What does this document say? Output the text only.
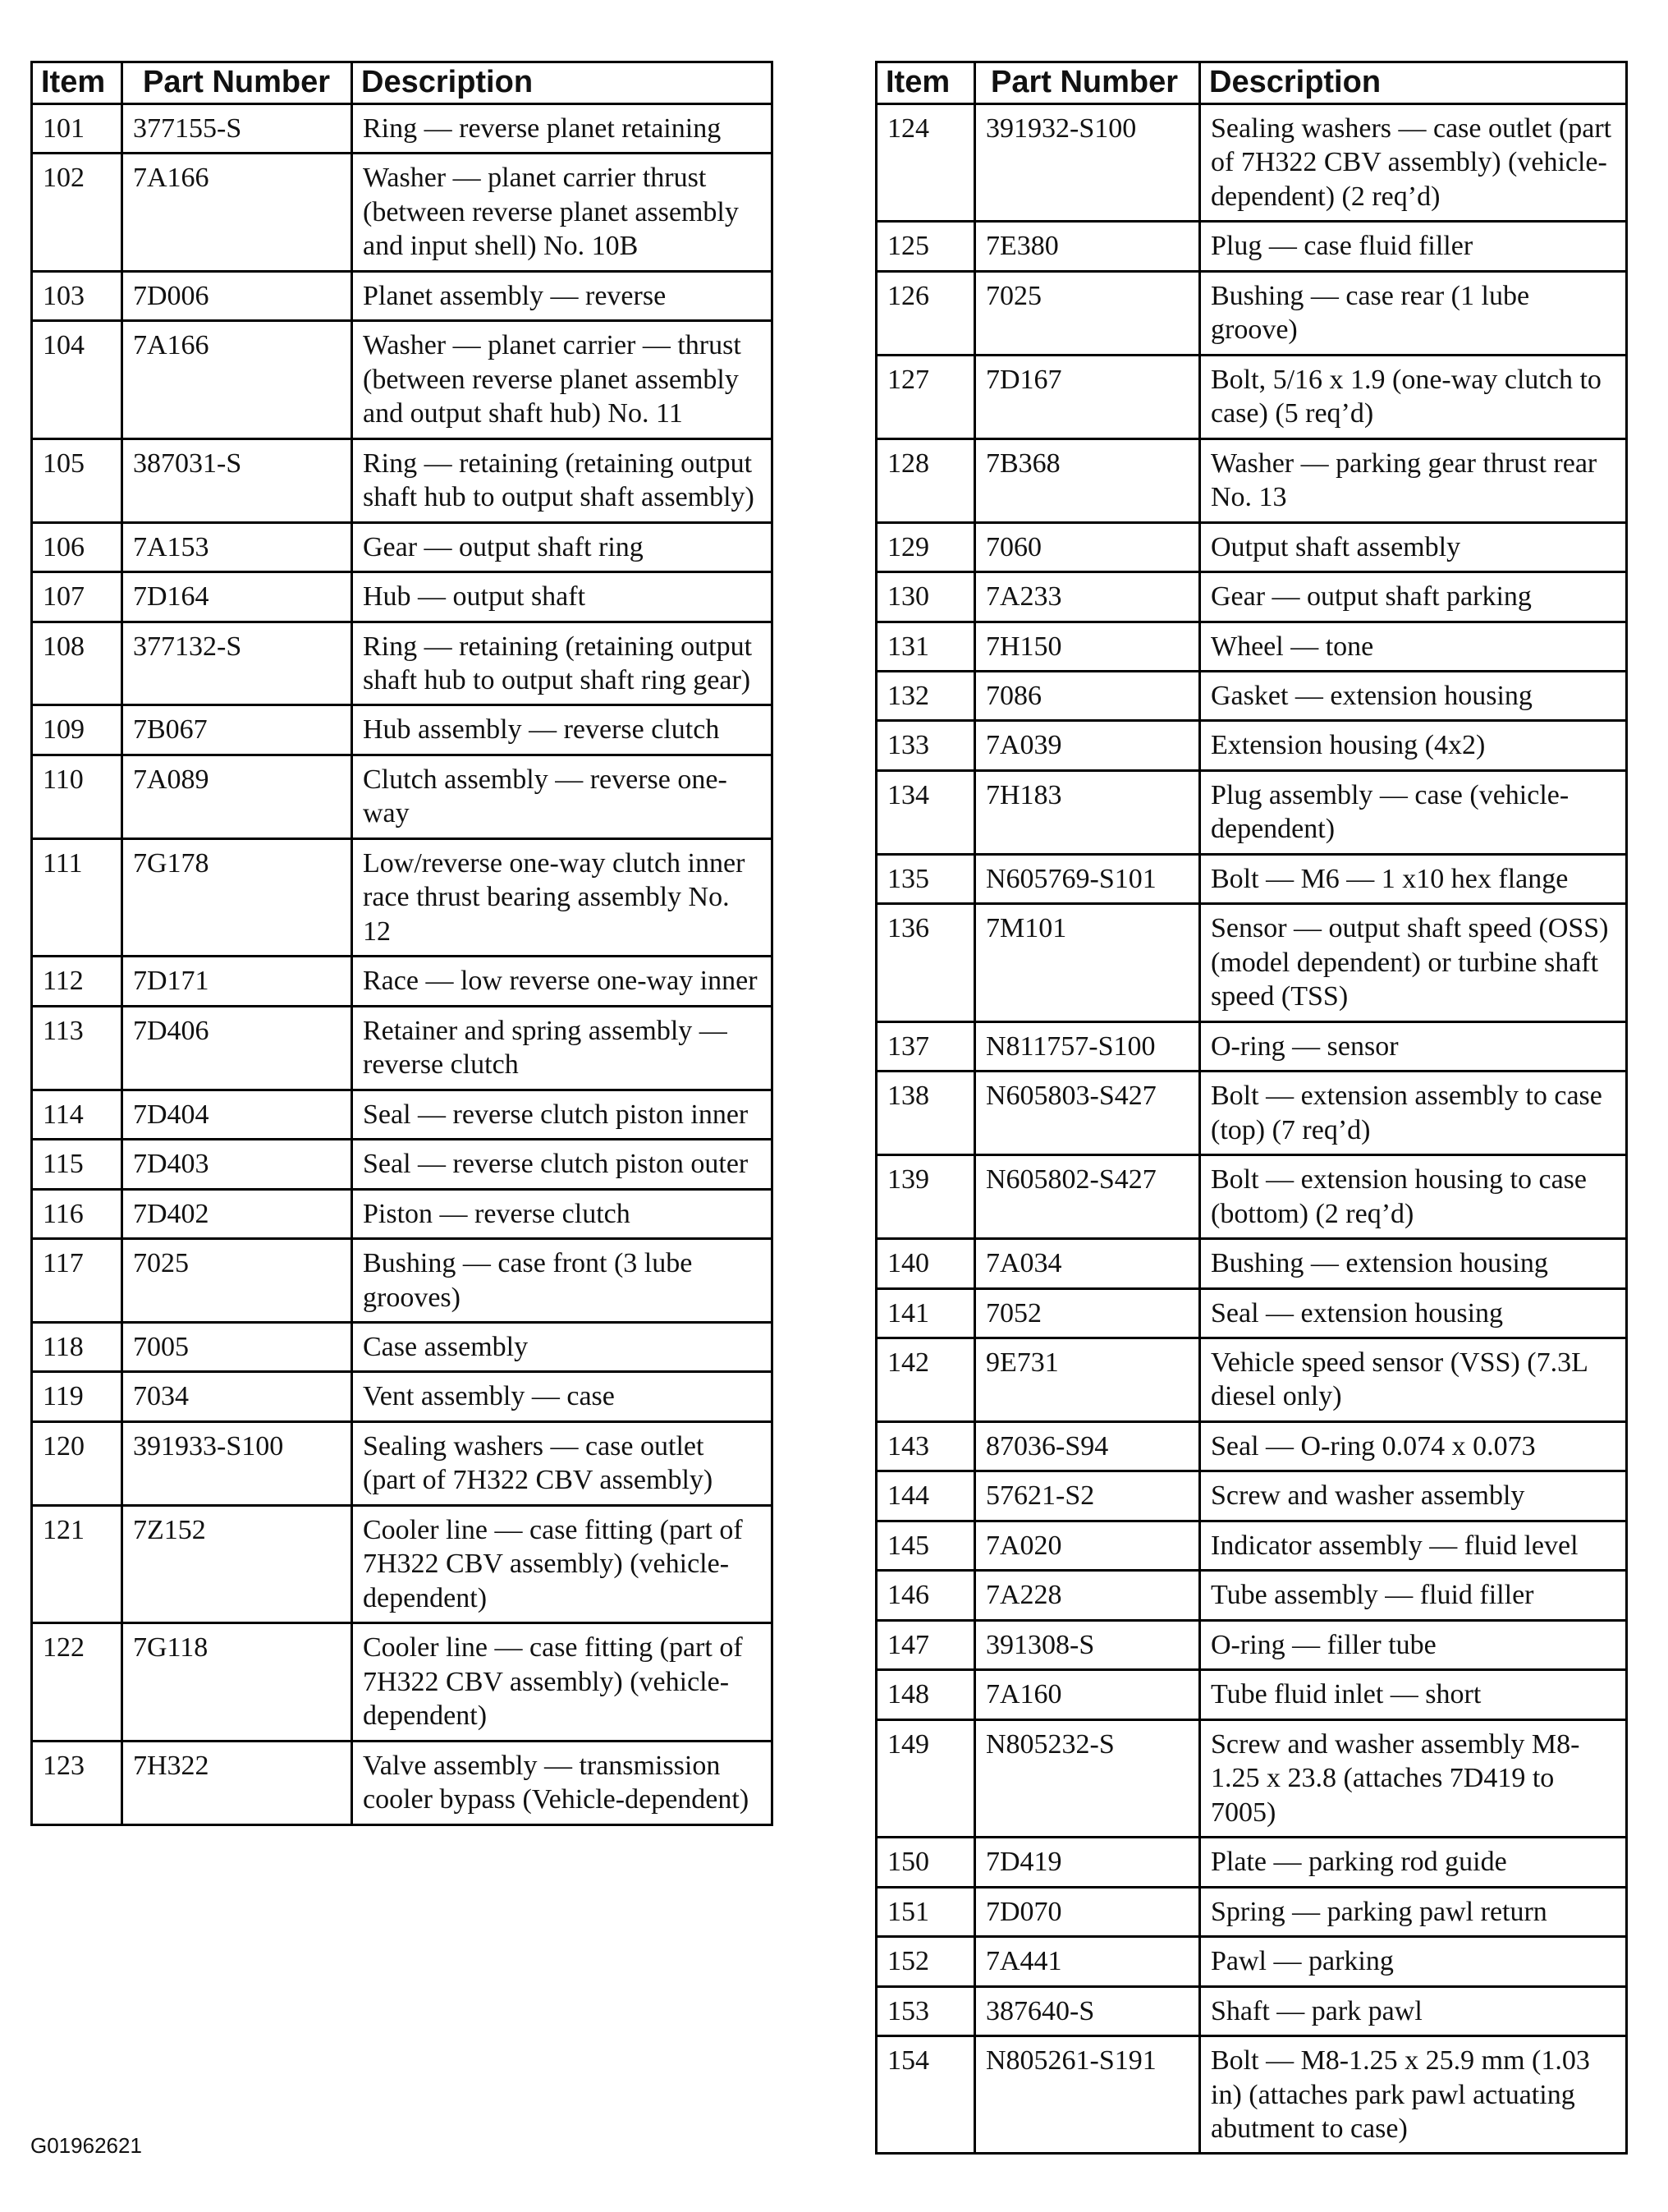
Item	Part Number	Description
101	377155-S	Ring — reverse planet retaining
102	7A166	Washer — planet carrier thrust (between reverse planet assembly and input shell) No. 10B
103	7D006	Planet assembly — reverse
104	7A166	Washer — planet carrier — thrust (between reverse planet assembly and output shaft hub) No. 11
105	387031-S	Ring — retaining (retaining output shaft hub to output shaft assembly)
106	7A153	Gear — output shaft ring
107	7D164	Hub — output shaft
108	377132-S	Ring — retaining (retaining output shaft hub to output shaft ring gear)
109	7B067	Hub assembly — reverse clutch
110	7A089	Clutch assembly — reverse one-way
111	7G178	Low/reverse one-way clutch inner race thrust bearing assembly No. 12
112	7D171	Race — low reverse one-way inner
113	7D406	Retainer and spring assembly — reverse clutch
114	7D404	Seal — reverse clutch piston inner
115	7D403	Seal — reverse clutch piston outer
116	7D402	Piston — reverse clutch
117	7025	Bushing — case front (3 lube grooves)
118	7005	Case assembly
119	7034	Vent assembly — case
120	391933-S100	Sealing washers — case outlet (part of 7H322 CBV assembly)
121	7Z152	Cooler line — case fitting (part of 7H322 CBV assembly) (vehicle-dependent)
122	7G118	Cooler line — case fitting (part of 7H322 CBV assembly) (vehicle-dependent)
123	7H322	Valve assembly — transmission cooler bypass (Vehicle-dependent)
Item	Part Number	Description
124	391932-S100	Sealing washers — case outlet (part of 7H322 CBV assembly) (vehicle-dependent) (2 req’d)
125	7E380	Plug — case fluid filler
126	7025	Bushing — case rear (1 lube groove)
127	7D167	Bolt, 5/16 x 1.9 (one-way clutch to case) (5 req’d)
128	7B368	Washer — parking gear thrust rear No. 13
129	7060	Output shaft assembly
130	7A233	Gear — output shaft parking
131	7H150	Wheel — tone
132	7086	Gasket — extension housing
133	7A039	Extension housing (4x2)
134	7H183	Plug assembly — case (vehicle-dependent)
135	N605769-S101	Bolt — M6 — 1 x10 hex flange
136	7M101	Sensor — output shaft speed (OSS) (model dependent) or turbine shaft speed (TSS)
137	N811757-S100	O-ring — sensor
138	N605803-S427	Bolt — extension assembly to case (top) (7 req’d)
139	N605802-S427	Bolt — extension housing to case (bottom) (2 req’d)
140	7A034	Bushing — extension housing
141	7052	Seal — extension housing
142	9E731	Vehicle speed sensor (VSS) (7.3L diesel only)
143	87036-S94	Seal — O-ring 0.074 x 0.073
144	57621-S2	Screw and washer assembly
145	7A020	Indicator assembly — fluid level
146	7A228	Tube assembly — fluid filler
147	391308-S	O-ring — filler tube
148	7A160	Tube fluid inlet — short
149	N805232-S	Screw and washer assembly M8-1.25 x 23.8 (attaches 7D419 to 7005)
150	7D419	Plate — parking rod guide
151	7D070	Spring — parking pawl return
152	7A441	Pawl — parking
153	387640-S	Shaft — park pawl
154	N805261-S191	Bolt — M8-1.25 x 25.9 mm (1.03 in) (attaches park pawl actuating abutment to case)
G01962621
